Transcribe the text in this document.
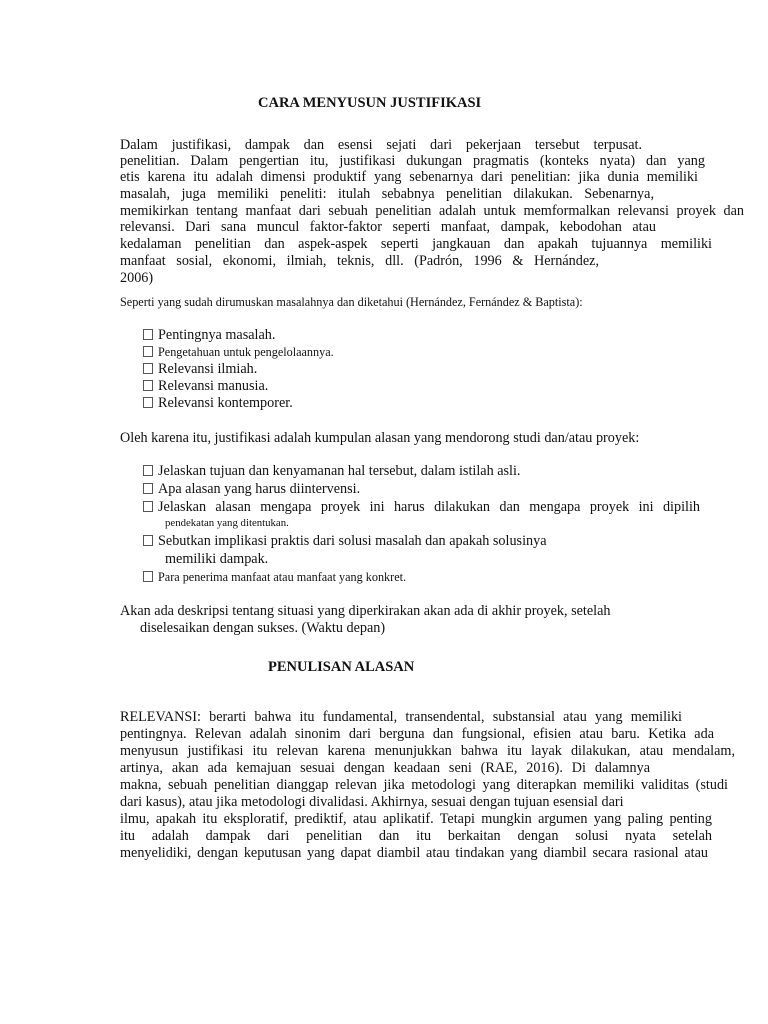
CARA MENYUSUN JUSTIFIKASI
Dalam justifikasi, dampak dan esensi sejati dari pekerjaan tersebut terpusat.
penelitian. Dalam pengertian itu, justifikasi dukungan pragmatis (konteks nyata) dan yang
etis karena itu adalah dimensi produktif yang sebenarnya dari penelitian: jika dunia memiliki
masalah, juga memiliki peneliti: itulah sebabnya penelitian dilakukan. Sebenarnya,
memikirkan tentang manfaat dari sebuah penelitian adalah untuk memformalkan relevansi proyek dan
relevansi. Dari sana muncul faktor-faktor seperti manfaat, dampak, kebodohan atau
kedalaman penelitian dan aspek-aspek seperti jangkauan dan apakah tujuannya memiliki
manfaat sosial, ekonomi, ilmiah, teknis, dll. (Padrón, 1996 & Hernández,
2006)
Seperti yang sudah dirumuskan masalahnya dan diketahui (Hernández, Fernández & Baptista):
Pentingnya masalah.
Pengetahuan untuk pengelolaannya.
Relevansi ilmiah.
Relevansi manusia.
Relevansi kontemporer.
Oleh karena itu, justifikasi adalah kumpulan alasan yang mendorong studi dan/atau proyek:
Jelaskan tujuan dan kenyamanan hal tersebut, dalam istilah asli.
Apa alasan yang harus diintervensi.
Jelaskan alasan mengapa proyek ini harus dilakukan dan mengapa proyek ini dipilih
pendekatan yang ditentukan.
Sebutkan implikasi praktis dari solusi masalah dan apakah solusinya
memiliki dampak.
Para penerima manfaat atau manfaat yang konkret.
Akan ada deskripsi tentang situasi yang diperkirakan akan ada di akhir proyek, setelah
diselesaikan dengan sukses. (Waktu depan)
PENULISAN ALASAN
RELEVANSI: berarti bahwa itu fundamental, transendental, substansial atau yang memiliki
pentingnya. Relevan adalah sinonim dari berguna dan fungsional, efisien atau baru. Ketika ada
menyusun justifikasi itu relevan karena menunjukkan bahwa itu layak dilakukan, atau mendalam,
artinya, akan ada kemajuan sesuai dengan keadaan seni (RAE, 2016). Di dalamnya
makna, sebuah penelitian dianggap relevan jika metodologi yang diterapkan memiliki validitas (studi
dari kasus), atau jika metodologi divalidasi. Akhirnya, sesuai dengan tujuan esensial dari
ilmu, apakah itu eksploratif, prediktif, atau aplikatif. Tetapi mungkin argumen yang paling penting
itu adalah dampak dari penelitian dan itu berkaitan dengan solusi nyata setelah
menyelidiki, dengan keputusan yang dapat diambil atau tindakan yang diambil secara rasional atau
